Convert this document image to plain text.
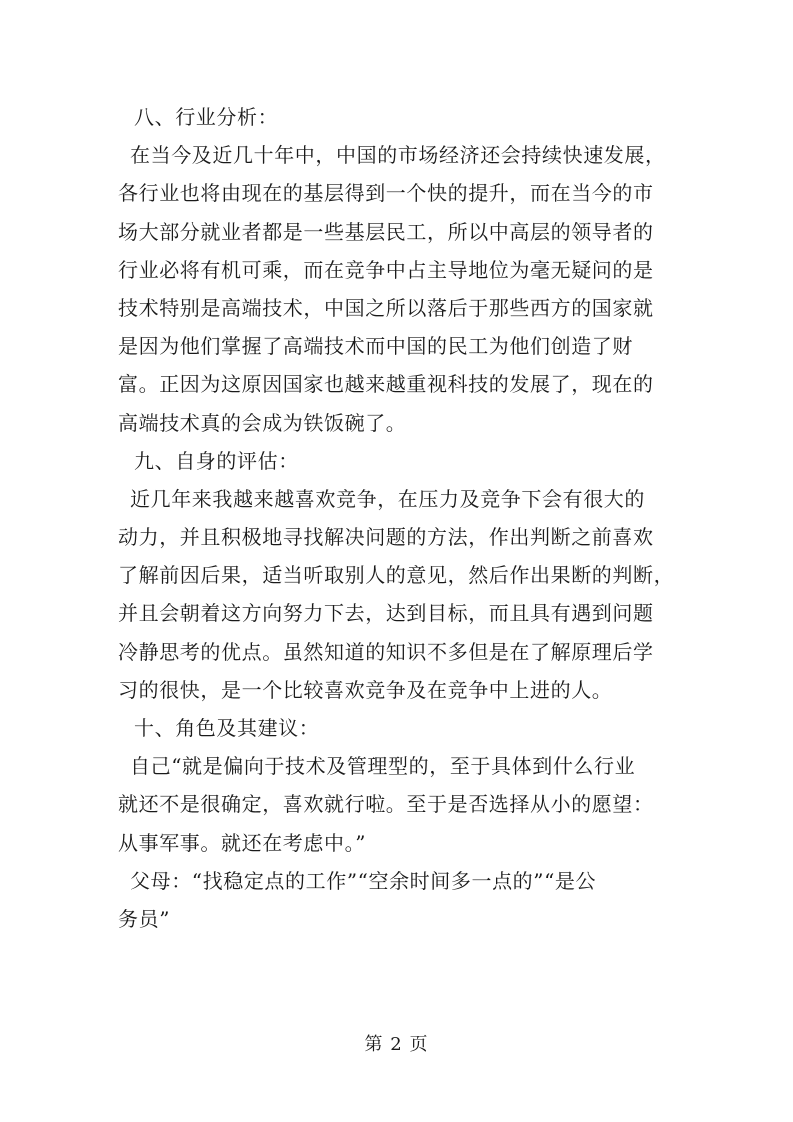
八、行业分析：
在当今及近几十年中，中国的市场经济还会持续快速发展，
各行业也将由现在的基层得到一个快的提升，而在当今的市
场大部分就业者都是一些基层民工，所以中高层的领导者的
行业必将有机可乘，而在竞争中占主导地位为毫无疑问的是
技术特别是高端技术，中国之所以落后于那些西方的国家就
是因为他们掌握了高端技术而中国的民工为他们创造了财
富。正因为这原因国家也越来越重视科技的发展了，现在的
高端技术真的会成为铁饭碗了。
九、自身的评估：
近几年来我越来越喜欢竞争，在压力及竞争下会有很大的
动力，并且积极地寻找解决问题的方法，作出判断之前喜欢
了解前因后果，适当听取别人的意见，然后作出果断的判断，
并且会朝着这方向努力下去，达到目标，而且具有遇到问题
冷静思考的优点。虽然知道的知识不多但是在了解原理后学
习的很快，是一个比较喜欢竞争及在竞争中上进的人。
十、角色及其建议：
自己“就是偏向于技术及管理型的，至于具体到什么行业
就还不是很确定，喜欢就行啦。至于是否选择从小的愿望：
从事军事。就还在考虑中。”
父母：“找稳定点的工作”“空余时间多一点的”“是公
务员”
第 2 页
